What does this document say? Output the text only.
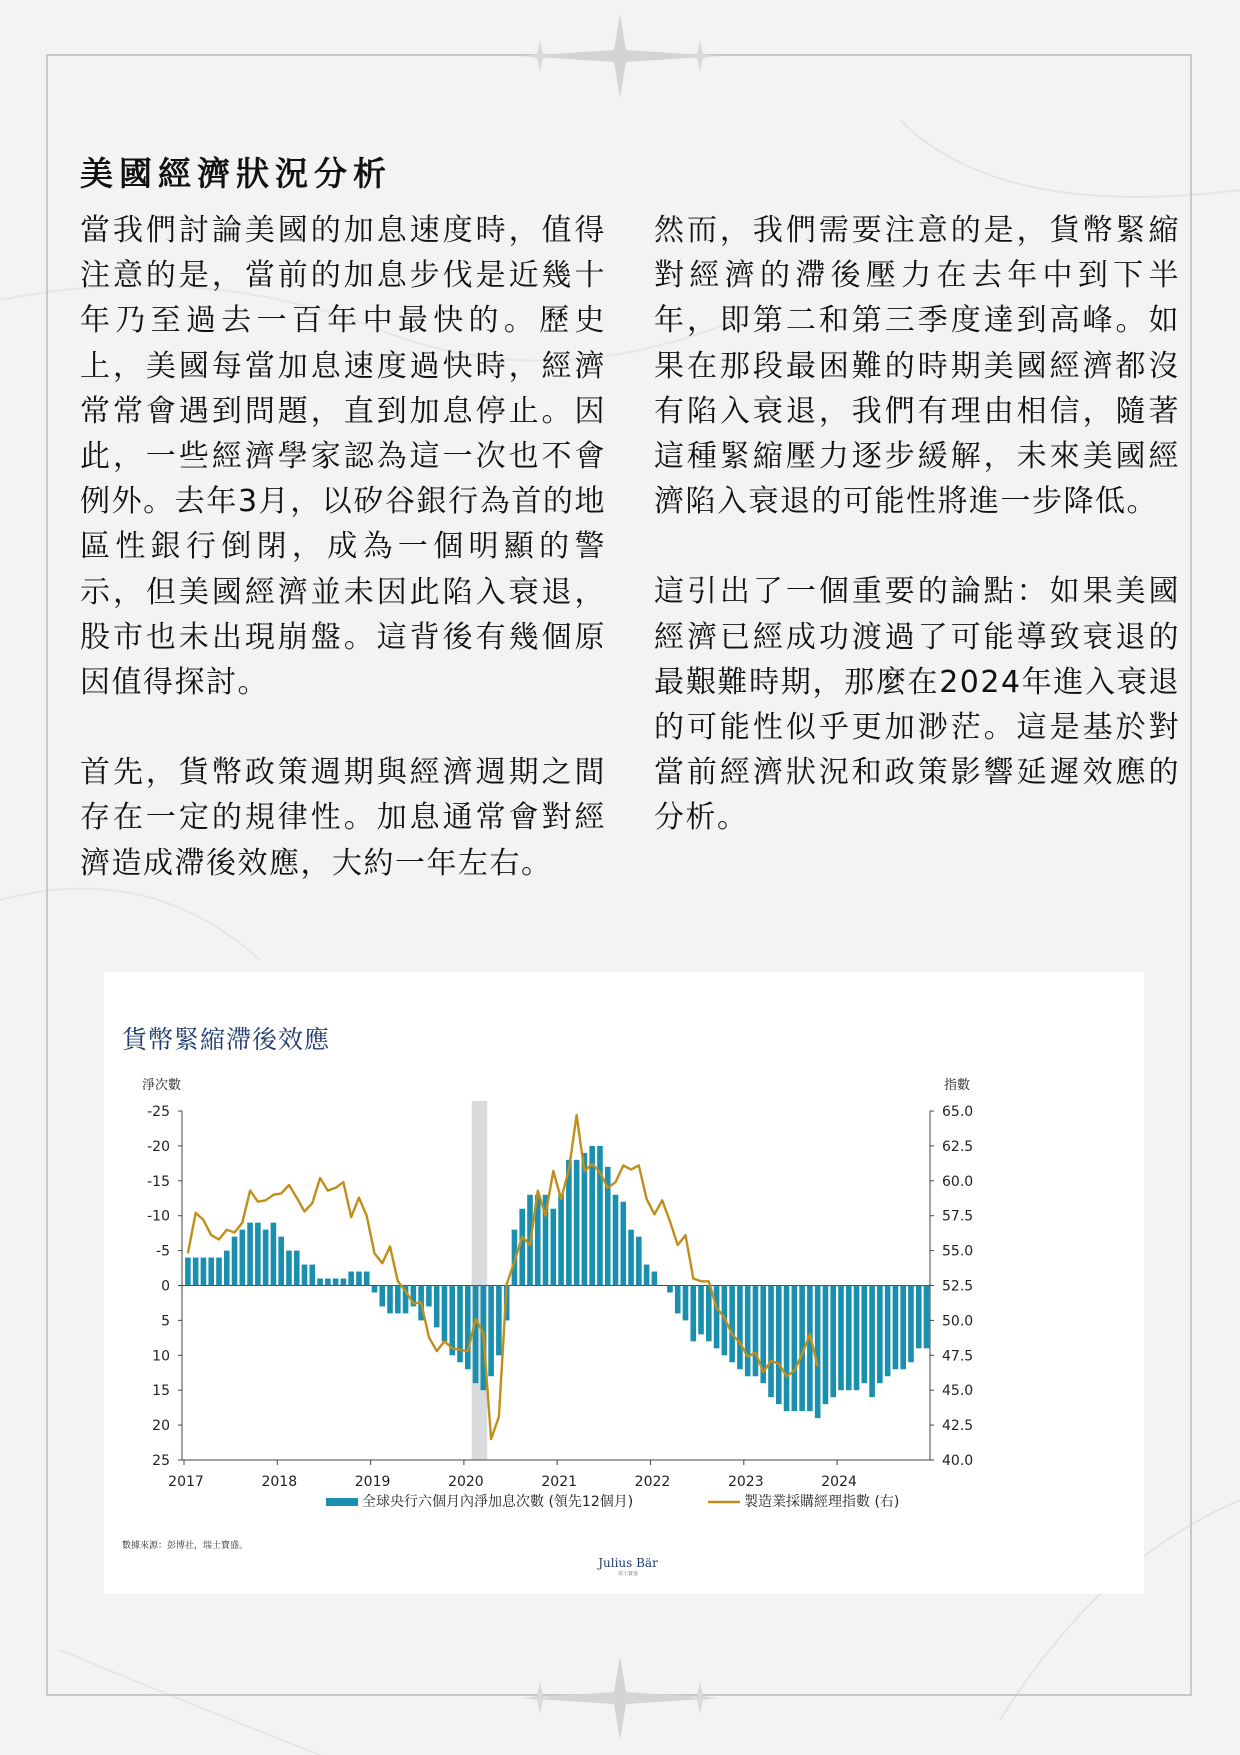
美國經濟狀況分析

當我們討論美國的加息速度時，值得注意的是，當前的加息步伐是近幾十年乃至過去一百年中最快的。歷史上，美國每當加息速度過快時，經濟常常會遇到問題，直到加息停止。因此，一些經濟學家認為這一次也不會例外。去年3月，以矽谷銀行為首的地區性銀行倒閉，成為一個明顯的警示，但美國經濟並未因此陷入衰退，股市也未出現崩盤。這背後有幾個原因值得探討。

首先，貨幣政策週期與經濟週期之間存在一定的規律性。加息通常會對經濟造成滯後效應，大約一年左右。

然而，我們需要注意的是，貨幣緊縮對經濟的滯後壓力在去年中到下半年，即第二和第三季度達到高峰。如果在那段最困難的時期美國經濟都沒有陷入衰退，我們有理由相信，隨著這種緊縮壓力逐步緩解，未來美國經濟陷入衰退的可能性將進一步降低。

這引出了一個重要的論點：如果美國經濟已經成功渡過了可能導致衰退的最艱難時期，那麼在2024年進入衰退的可能性似乎更加渺茫。這是基於對當前經濟狀況和政策影響延遲效應的分析。

貨幣緊縮滯後效應
淨次數	指數
-25
-20
-15
-10
-5
0
5
10
15
20
25
65.0
62.5
60.0
57.5
55.0
52.5
50.0
47.5
45.0
42.5
40.0
2017	2018	2019	2020	2021	2022	2023	2024
全球央行六個月內淨加息次數 (領先12個月)	製造業採購經理指數 (右)
數據來源：彭博社，瑞士寶盛。
Julius Bär
瑞士寶盛
